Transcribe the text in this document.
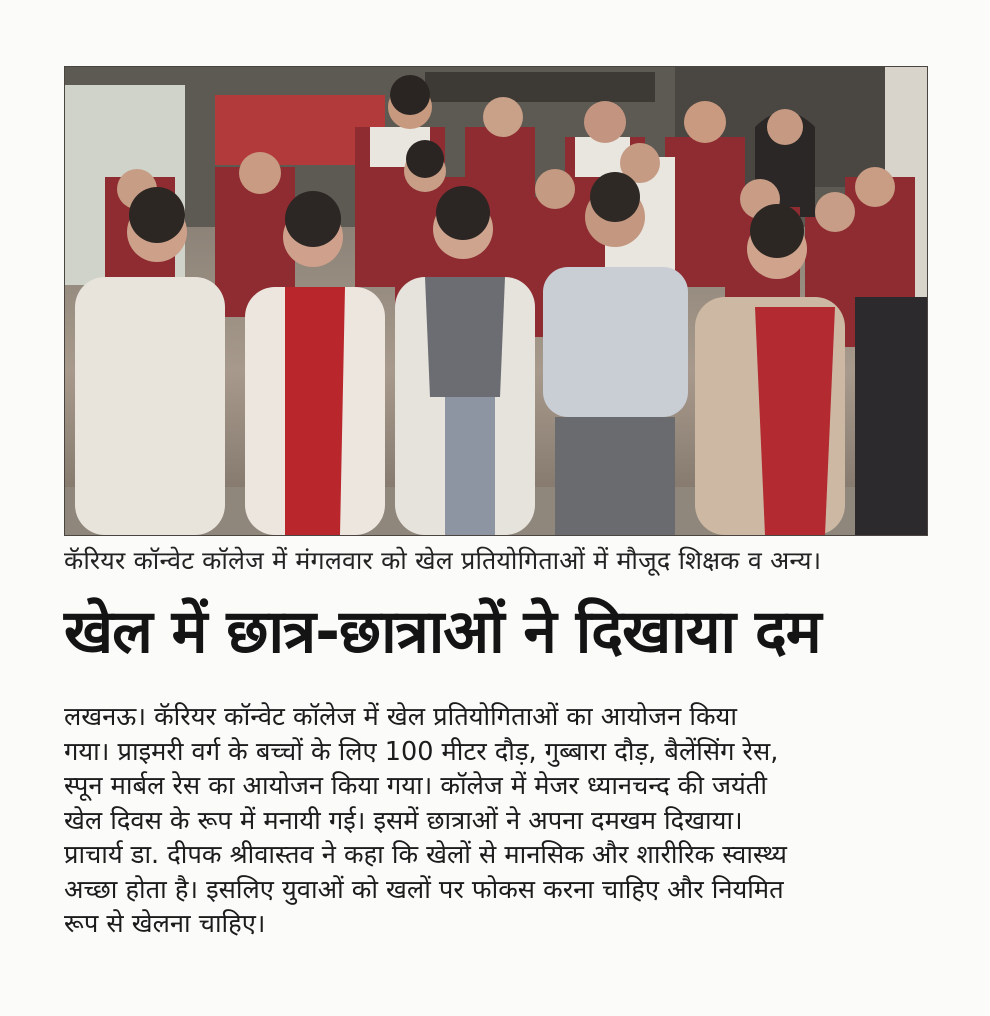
कॅरियर कॉन्वेट कॉलेज में मंगलवार को खेल प्रतियोगिताओं में मौजूद शिक्षक व अन्य।
खेल में छात्र-छात्राओं ने दिखाया दम

लखनऊ। कॅरियर कॉन्वेट कॉलेज में खेल प्रतियोगिताओं का आयोजन किया

गया। प्राइमरी वर्ग के बच्चों के लिए 100 मीटर दौड़, गुब्बारा दौड़, बैलेंसिंग रेस,

स्पून मार्बल रेस का आयोजन किया गया। कॉलेज में मेजर ध्यानचन्द की जयंती

खेल दिवस के रूप में मनायी गई। इसमें छात्राओं ने अपना दमखम दिखाया।

प्राचार्य डा. दीपक श्रीवास्तव ने कहा कि खेलों से मानसिक और शारीरिक स्वास्थ्य

अच्छा होता है। इसलिए युवाओं को खलों पर फोकस करना चाहिए और नियमित

रूप से खेलना चाहिए।
